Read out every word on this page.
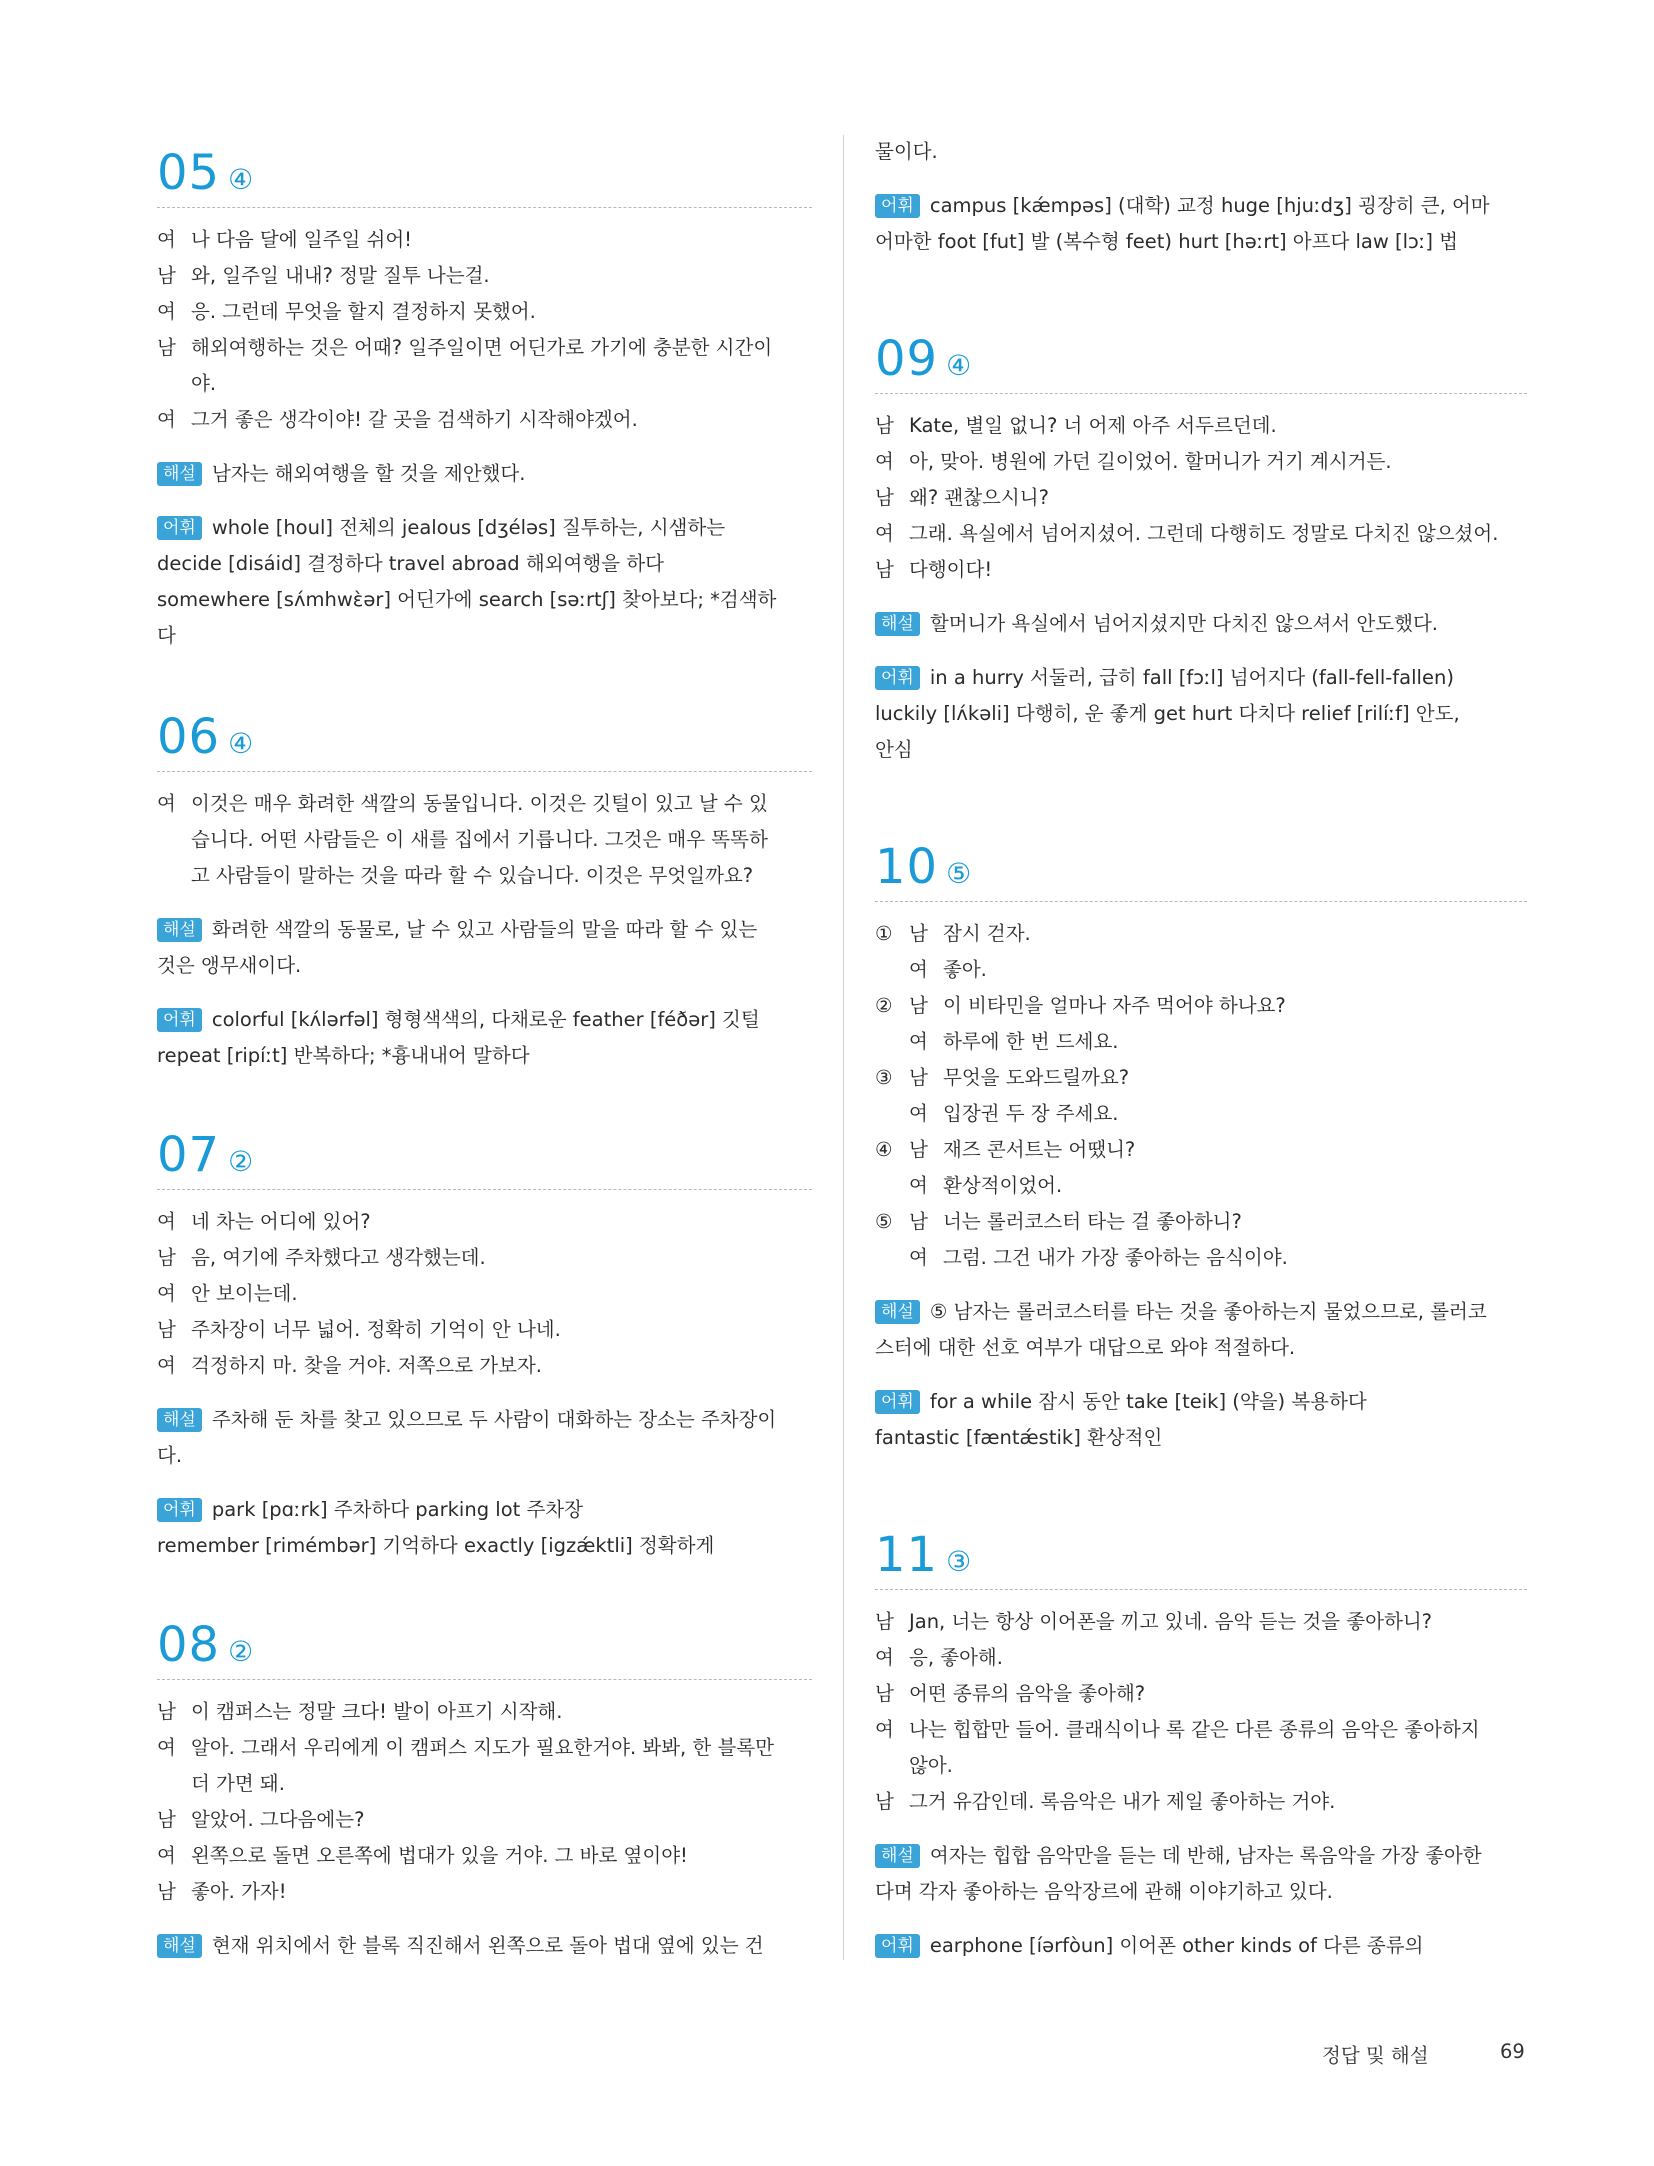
05 ④
여 나 다음 달에 일주일 쉬어!
남 와, 일주일 내내? 정말 질투 나는걸.
여 응. 그런데 무엇을 할지 결정하지 못했어.
남 해외여행하는 것은 어때? 일주일이면 어딘가로 가기에 충분한 시간이
야.
여 그거 좋은 생각이야! 갈 곳을 검색하기 시작해야겠어.
해설 남자는 해외여행을 할 것을 제안했다.
어휘 whole [houl] 전체의 jealous [dʒéləs] 질투하는, 시샘하는
decide [disáid] 결정하다 travel abroad 해외여행을 하다
somewhere [sʌ́mhwὲər] 어딘가에 search [səːrtʃ] 찾아보다; *검색하
다
06 ④
여 이것은 매우 화려한 색깔의 동물입니다. 이것은 깃털이 있고 날 수 있
습니다. 어떤 사람들은 이 새를 집에서 기릅니다. 그것은 매우 똑똑하
고 사람들이 말하는 것을 따라 할 수 있습니다. 이것은 무엇일까요?
해설 화려한 색깔의 동물로, 날 수 있고 사람들의 말을 따라 할 수 있는
것은 앵무새이다.
어휘 colorful [kʌ́lərfəl] 형형색색의, 다채로운 feather [féðər] 깃털
repeat [ripíːt] 반복하다; *흉내내어 말하다
07 ②
여 네 차는 어디에 있어?
남 음, 여기에 주차했다고 생각했는데.
여 안 보이는데.
남 주차장이 너무 넓어. 정확히 기억이 안 나네.
여 걱정하지 마. 찾을 거야. 저쪽으로 가보자.
해설 주차해 둔 차를 찾고 있으므로 두 사람이 대화하는 장소는 주차장이
다.
어휘 park [pɑːrk] 주차하다 parking lot 주차장
remember [rimémbər] 기억하다 exactly [igzǽktli] 정확하게
08 ②
남 이 캠퍼스는 정말 크다! 발이 아프기 시작해.
여 알아. 그래서 우리에게 이 캠퍼스 지도가 필요한거야. 봐봐, 한 블록만
더 가면 돼.
남 알았어. 그다음에는?
여 왼쪽으로 돌면 오른쪽에 법대가 있을 거야. 그 바로 옆이야!
남 좋아. 가자!
해설 현재 위치에서 한 블록 직진해서 왼쪽으로 돌아 법대 옆에 있는 건
물이다.
어휘 campus [kǽmpəs] (대학) 교정 huge [hjuːdʒ] 굉장히 큰, 어마
어마한 foot [fut] 발 (복수형 feet) hurt [həːrt] 아프다 law [lɔː] 법
09 ④
남 Kate, 별일 없니? 너 어제 아주 서두르던데.
여 아, 맞아. 병원에 가던 길이었어. 할머니가 거기 계시거든.
남 왜? 괜찮으시니?
여 그래. 욕실에서 넘어지셨어. 그런데 다행히도 정말로 다치진 않으셨어.
남 다행이다!
해설 할머니가 욕실에서 넘어지셨지만 다치진 않으셔서 안도했다.
어휘 in a hurry 서둘러, 급히 fall [fɔːl] 넘어지다 (fall-fell-fallen)
luckily [lʌ́kəli] 다행히, 운 좋게 get hurt 다치다 relief [rilíːf] 안도,
안심
10 ⑤
① 남 잠시 걷자.
여 좋아.
② 남 이 비타민을 얼마나 자주 먹어야 하나요?
여 하루에 한 번 드세요.
③ 남 무엇을 도와드릴까요?
여 입장권 두 장 주세요.
④ 남 재즈 콘서트는 어땠니?
여 환상적이었어.
⑤ 남 너는 롤러코스터 타는 걸 좋아하니?
여 그럼. 그건 내가 가장 좋아하는 음식이야.
해설 ⑤ 남자는 롤러코스터를 타는 것을 좋아하는지 물었으므로, 롤러코
스터에 대한 선호 여부가 대답으로 와야 적절하다.
어휘 for a while 잠시 동안 take [teik] (약을) 복용하다
fantastic [fæntǽstik] 환상적인
11 ③
남 Jan, 너는 항상 이어폰을 끼고 있네. 음악 듣는 것을 좋아하니?
여 응, 좋아해.
남 어떤 종류의 음악을 좋아해?
여 나는 힙합만 들어. 클래식이나 록 같은 다른 종류의 음악은 좋아하지
않아.
남 그거 유감인데. 록음악은 내가 제일 좋아하는 거야.
해설 여자는 힙합 음악만을 듣는 데 반해, 남자는 록음악을 가장 좋아한
다며 각자 좋아하는 음악장르에 관해 이야기하고 있다.
어휘 earphone [íərfòun] 이어폰 other kinds of 다른 종류의
정답 및 해설	69
